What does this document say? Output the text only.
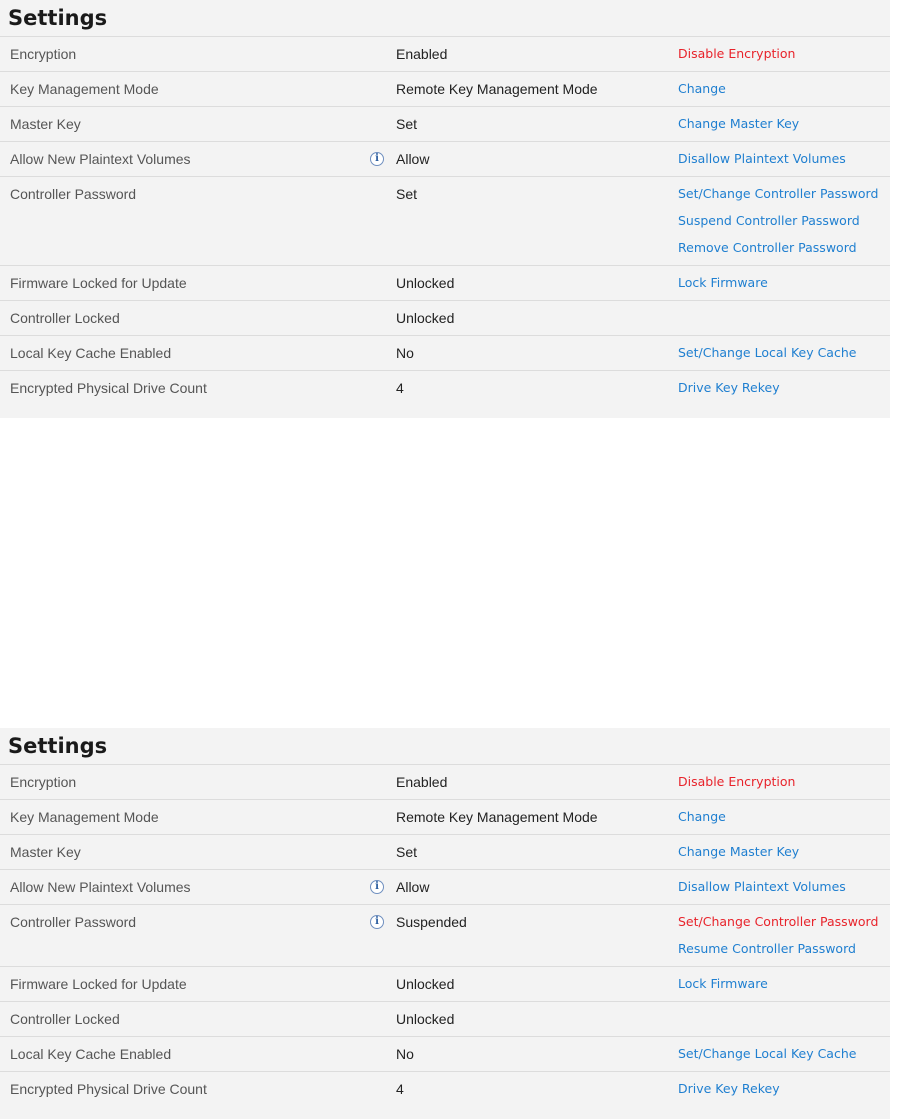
Settings
Encryption	Enabled	Disable Encryption
Key Management Mode	Remote Key Management Mode	Change
Master Key	Set	Change Master Key
Allow New Plaintext Volumes	i	Allow	Disallow Plaintext Volumes
Controller Password	Set	Set/Change Controller Password
Suspend Controller Password
Remove Controller Password
Firmware Locked for Update	Unlocked	Lock Firmware
Controller Locked	Unlocked
Local Key Cache Enabled	No	Set/Change Local Key Cache
Encrypted Physical Drive Count	4	Drive Key Rekey
Settings
Encryption	Enabled	Disable Encryption
Key Management Mode	Remote Key Management Mode	Change
Master Key	Set	Change Master Key
Allow New Plaintext Volumes	i	Allow	Disallow Plaintext Volumes
Controller Password	i	Suspended	Set/Change Controller Password
Resume Controller Password
Firmware Locked for Update	Unlocked	Lock Firmware
Controller Locked	Unlocked
Local Key Cache Enabled	No	Set/Change Local Key Cache
Encrypted Physical Drive Count	4	Drive Key Rekey
